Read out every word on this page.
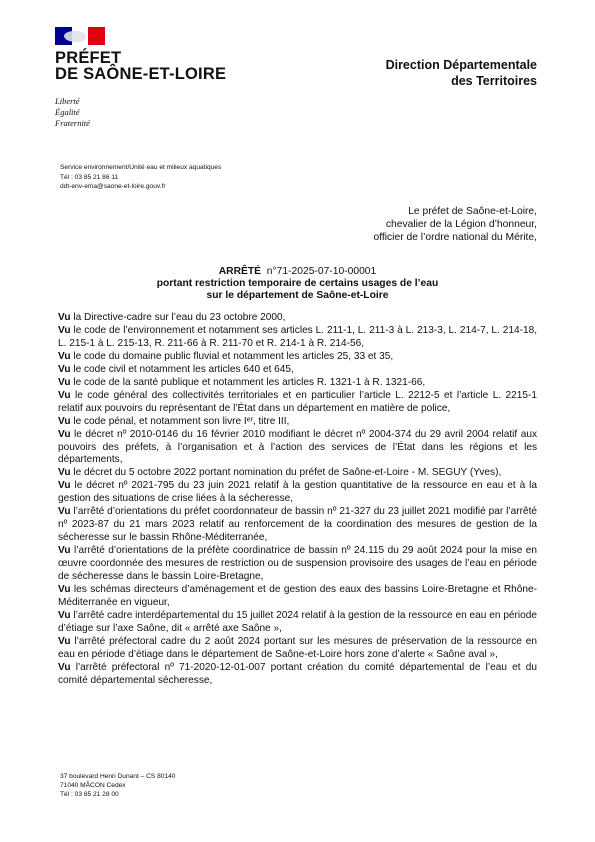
PRÉFET
DE SAÔNE-ET-LOIRE
Liberté
Égalité
Fraternité
Direction Départementale
des Territoires
Service environnement/Unité eau et milieux aquatiques
Tél : 03 85 21 86 11
ddt-env-ema@saone-et-loire.gouv.fr
Le préfet de Saône-et-Loire,
chevalier de la Légion d’honneur,
officier de l’ordre national du Mérite,
ARRÊTÉ n°71-2025-07-10-00001
portant restriction temporaire de certains usages de l’eau
sur le département de Saône-et-Loire

Vu la Directive-cadre sur l’eau du 23 octobre 2000,

Vu le code de l’environnement et notamment ses articles L. 211-1, L. 211-3 à L. 213-3, L. 214-7, L. 214-18, L. 215-1 à L. 215-13, R. 211-66 à R. 211-70 et R. 214-1 à R. 214-56,

Vu le code du domaine public fluvial et notamment les articles 25, 33 et 35,

Vu le code civil et notamment les articles 640 et 645,

Vu le code de la santé publique et notamment les articles R. 1321-1 à R. 1321-66,

Vu le code général des collectivités territoriales et en particulier l’article L. 2212-5 et l’article L. 2215-1 relatif aux pouvoirs du représentant de l’État dans un département en matière de police,

Vu le code pénal, et notamment son livre Iᵉʳ, titre III,

Vu le décret nº 2010-0146 du 16 février 2010 modifiant le décret nº 2004-374 du 29 avril 2004 relatif aux pouvoirs des préfets, à l’organisation et à l’action des services de l’État dans les régions et les départements,

Vu le décret du 5 octobre 2022 portant nomination du préfet de Saône-et-Loire - M. SEGUY (Yves),

Vu le décret nº 2021-795 du 23 juin 2021 relatif à la gestion quantitative de la ressource en eau et à la gestion des situations de crise liées à la sécheresse,

Vu l’arrêté d’orientations du préfet coordonnateur de bassin nº 21-327 du 23 juillet 2021 modifié par l’arrêté nº 2023-87 du 21 mars 2023 relatif au renforcement de la coordination des mesures de gestion de la sécheresse sur le bassin Rhône-Méditerranée,

Vu l’arrêté d’orientations de la préfète coordinatrice de bassin nº 24.115 du 29 août 2024 pour la mise en œuvre coordonnée des mesures de restriction ou de suspension provisoire des usages de l’eau en période de sécheresse dans le bassin Loire-Bretagne,

Vu les schémas directeurs d’aménagement et de gestion des eaux des bassins Loire-Bretagne et Rhône-Méditerranée en vigueur,

Vu l’arrêté cadre interdépartemental du 15 juillet 2024 relatif à la gestion de la ressource en eau en période d’étiage sur l’axe Saône, dit « arrêté axe Saône »,

Vu l’arrêté préfectoral cadre du 2 août 2024 portant sur les mesures de préservation de la ressource en eau en période d’étiage dans le département de Saône-et-Loire hors zone d’alerte « Saône aval »,

Vu l’arrêté préfectoral nº 71-2020-12-01-007 portant création du comité départemental de l’eau et du comité départemental sécheresse,

37 boulevard Henri Dunant – CS 80140
71040 MÂCON Cedex
Tél : 03 85 21 28 00
